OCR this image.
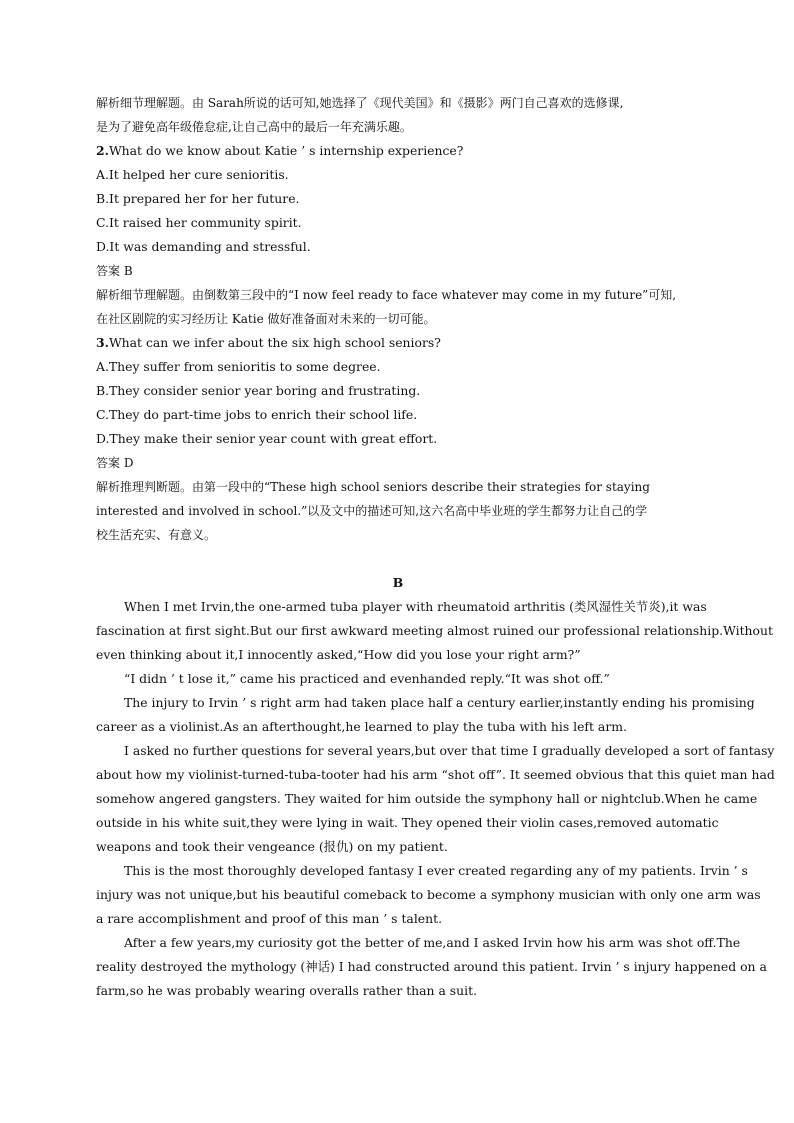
解析细节理解题。由 Sarah所说的话可知,她选择了《现代美国》和《摄影》两门自己喜欢的选修课,
是为了避免高年级倦怠症,让自己高中的最后一年充满乐趣。
2.What do we know about Katie ’ s internship experience?
A.It helped her cure senioritis.
B.It prepared her for her future.
C.It raised her community spirit.
D.It was demanding and stressful.
答案 B
解析细节理解题。由倒数第三段中的“I now feel ready to face whatever may come in my future”可知,
在社区剧院的实习经历让 Katie 做好准备面对未来的一切可能。
3.What can we infer about the six high school seniors?
A.They suffer from senioritis to some degree.
B.They consider senior year boring and frustrating.
C.They do part-time jobs to enrich their school life.
D.They make their senior year count with great effort.
答案 D
解析推理判断题。由第一段中的“These high school seniors describe their strategies for staying
interested and involved in school.”以及文中的描述可知,这六名高中毕业班的学生都努力让自己的学
校生活充实、有意义。
B
When I met Irvin,the one-armed tuba player with rheumatoid arthritis (类风湿性关节炎),it was
fascination at first sight.But our first awkward meeting almost ruined our professional relationship.Without
even thinking about it,I innocently asked,“How did you lose your right arm?”
“I didn ’ t lose it,” came his practiced and evenhanded reply.“It was shot off.”
The injury to Irvin ’ s right arm had taken place half a century earlier,instantly ending his promising
career as a violinist.As an afterthought,he learned to play the tuba with his left arm.
I asked no further questions for several years,but over that time I gradually developed a sort of fantasy
about how my violinist-turned-tuba-tooter had his arm “shot off”. It seemed obvious that this quiet man had
somehow angered gangsters. They waited for him outside the symphony hall or nightclub.When he came
outside in his white suit,they were lying in wait. They opened their violin cases,removed automatic
weapons and took their vengeance (报仇) on my patient.
This is the most thoroughly developed fantasy I ever created regarding any of my patients. Irvin ’ s
injury was not unique,but his beautiful comeback to become a symphony musician with only one arm was
a rare accomplishment and proof of this man ’ s talent.
After a few years,my curiosity got the better of me,and I asked Irvin how his arm was shot off.The
reality destroyed the mythology (神话) I had constructed around this patient. Irvin ’ s injury happened on a
farm,so he was probably wearing overalls rather than a suit.
